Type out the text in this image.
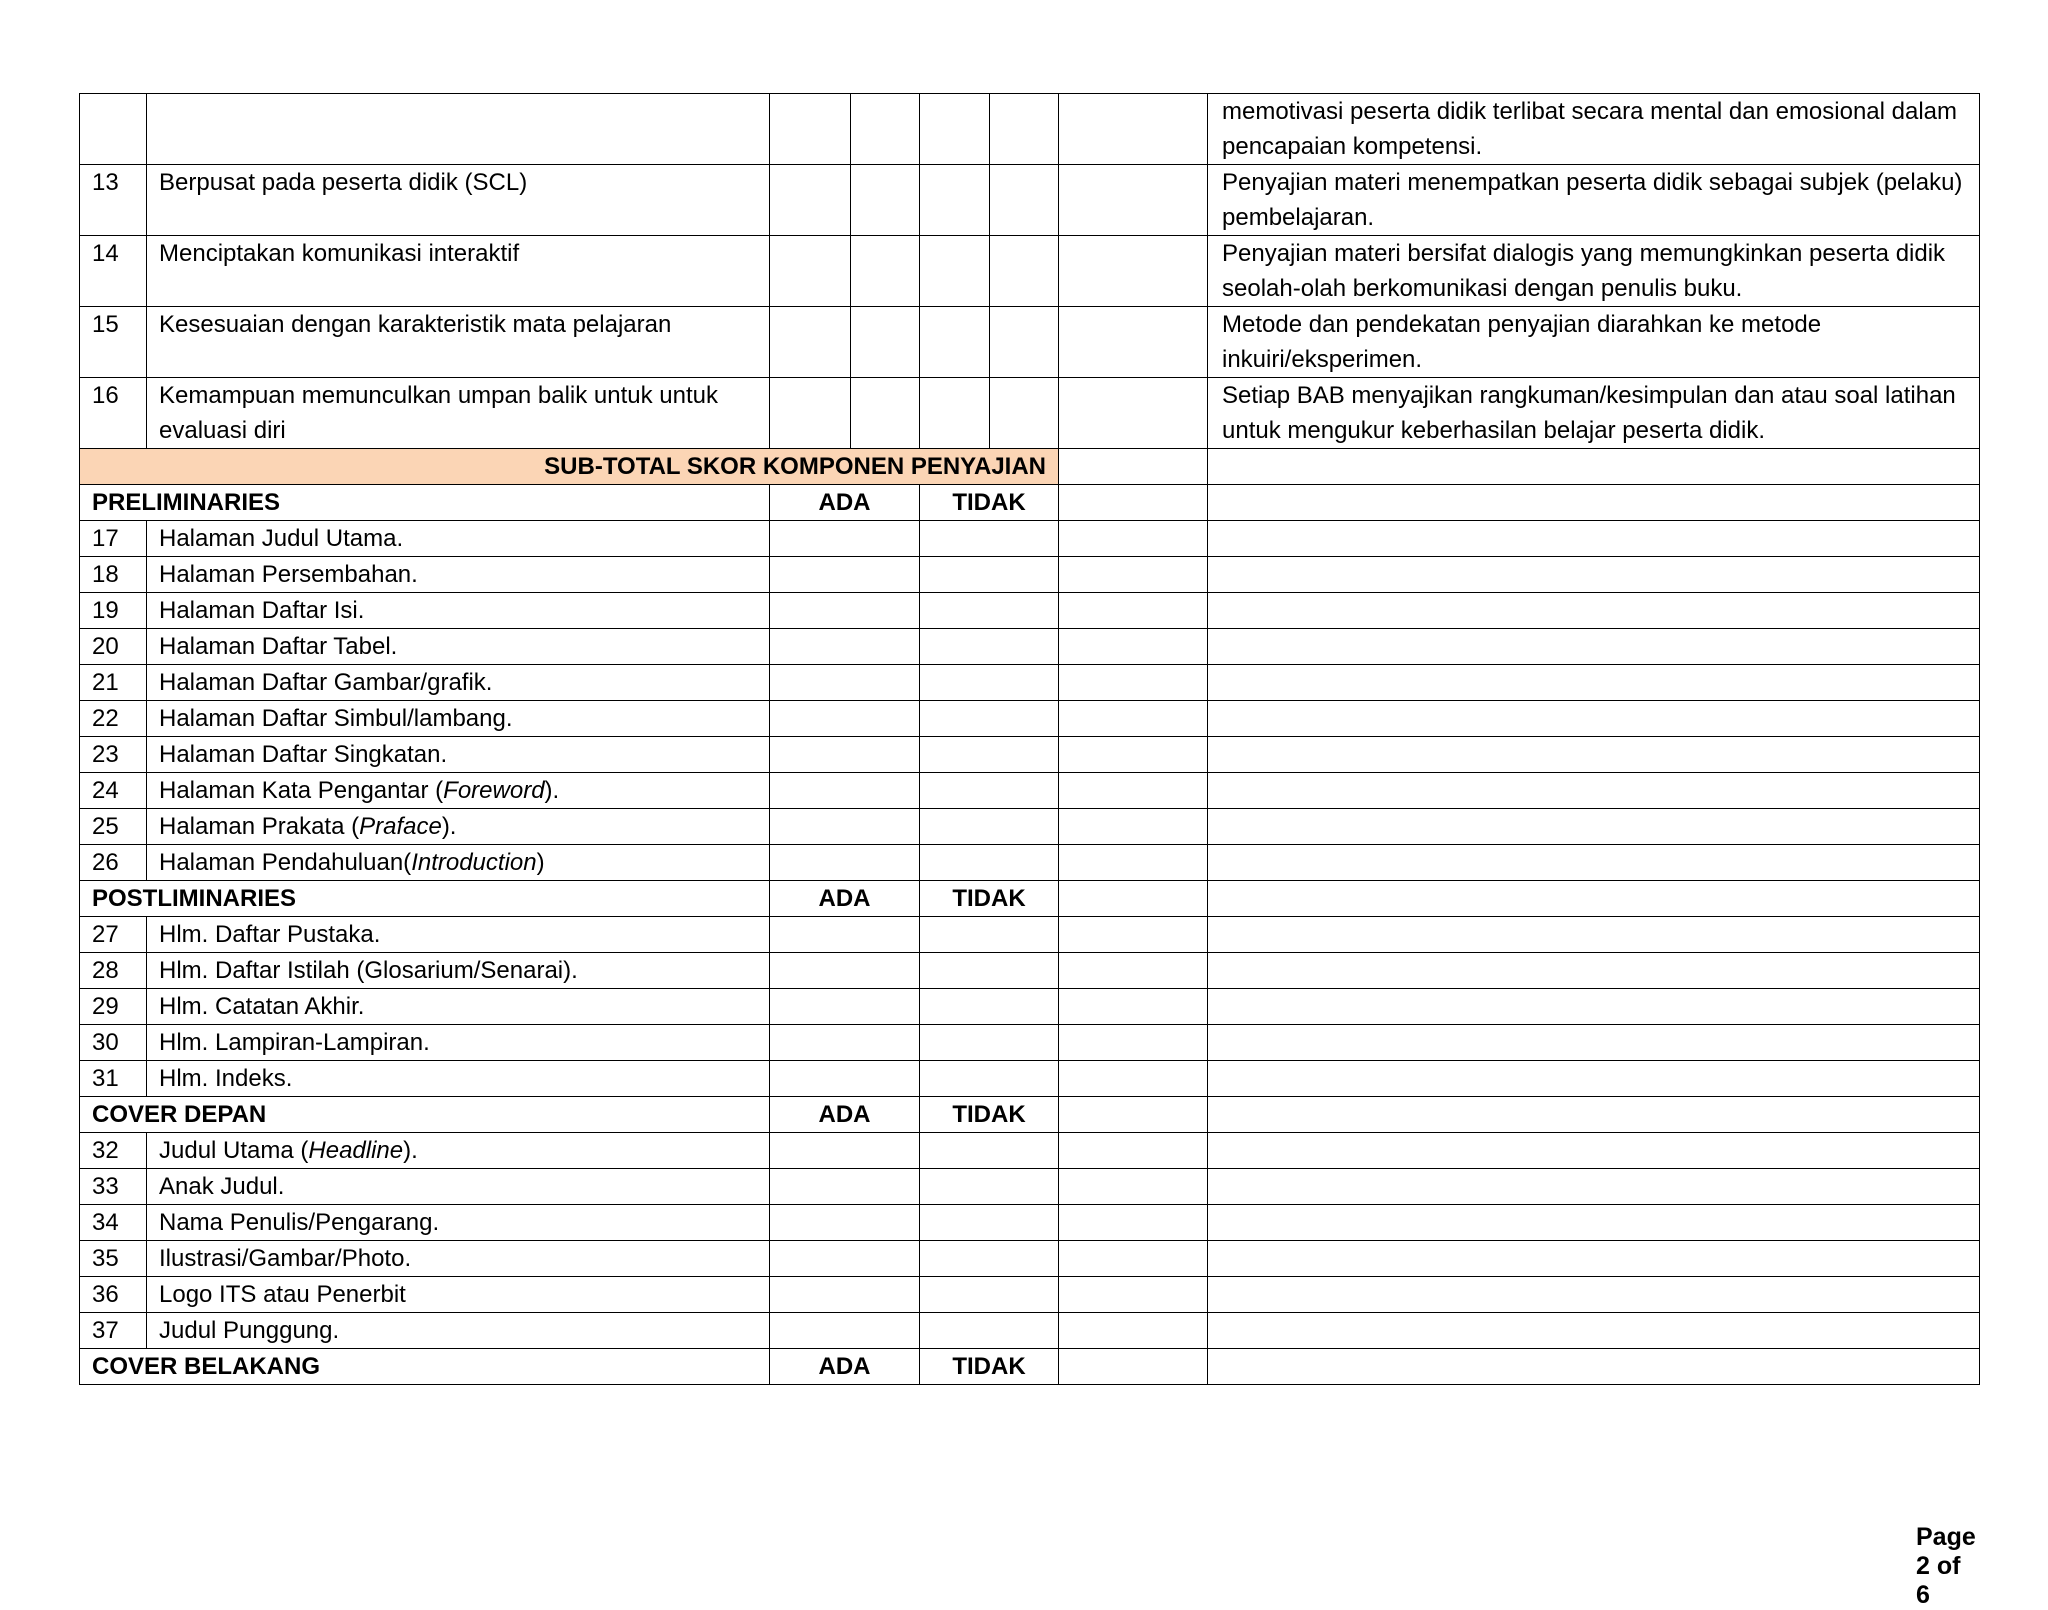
							memotivasi peserta didik terlibat secara mental dan emosional dalam pencapaian kompetensi.
13	Berpusat pada peserta didik (SCL)						Penyajian materi menempatkan peserta didik sebagai subjek (pelaku) pembelajaran.
14	Menciptakan komunikasi interaktif						Penyajian materi bersifat dialogis yang memungkinkan peserta didik seolah-olah berkomunikasi dengan penulis buku.
15	Kesesuaian dengan karakteristik mata pelajaran						Metode dan pendekatan penyajian diarahkan ke metode inkuiri/eksperimen.
16	Kemampuan memunculkan umpan balik untuk untuk evaluasi diri						Setiap BAB menyajikan rangkuman/kesimpulan dan atau soal latihan untuk mengukur keberhasilan belajar peserta didik.
SUB-TOTAL SKOR KOMPONEN PENYAJIAN							
PRELIMINARIES		ADA		TIDAK			
17	Halaman Judul Utama.						
18	Halaman Persembahan.						
19	Halaman Daftar Isi.						
20	Halaman Daftar Tabel.						
21	Halaman Daftar Gambar/grafik.						
22	Halaman Daftar Simbul/lambang.						
23	Halaman Daftar Singkatan.						
24	Halaman Kata Pengantar (Foreword).						
25	Halaman Prakata (Praface).						
26	Halaman Pendahuluan(Introduction)						
POSTLIMINARIES		ADA		TIDAK			
27	Hlm. Daftar Pustaka.						
28	Hlm. Daftar Istilah (Glosarium/Senarai).						
29	Hlm. Catatan Akhir.						
30	Hlm. Lampiran-Lampiran.						
31	Hlm. Indeks.						
COVER DEPAN		ADA		TIDAK			
32	Judul Utama (Headline).						
33	Anak Judul.						
34	Nama Penulis/Pengarang.						
35	Ilustrasi/Gambar/Photo.						
36	Logo ITS atau Penerbit						
37	Judul Punggung.						
COVER BELAKANG		ADA		TIDAK			
Page 2 of 6
